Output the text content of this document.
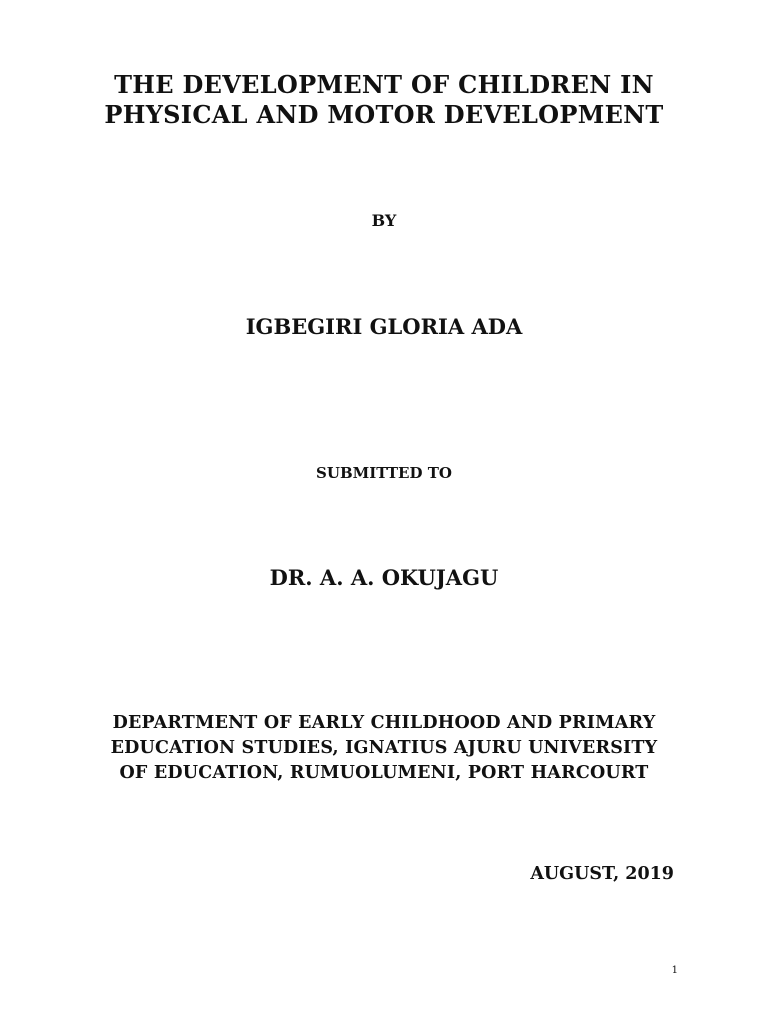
THE DEVELOPMENT OF CHILDREN IN
PHYSICAL AND MOTOR DEVELOPMENT
BY
IGBEGIRI GLORIA ADA
SUBMITTED TO
DR. A. A. OKUJAGU
DEPARTMENT OF EARLY CHILDHOOD AND PRIMARY
EDUCATION STUDIES, IGNATIUS AJURU UNIVERSITY
OF EDUCATION, RUMUOLUMENI, PORT HARCOURT
AUGUST, 2019
1
